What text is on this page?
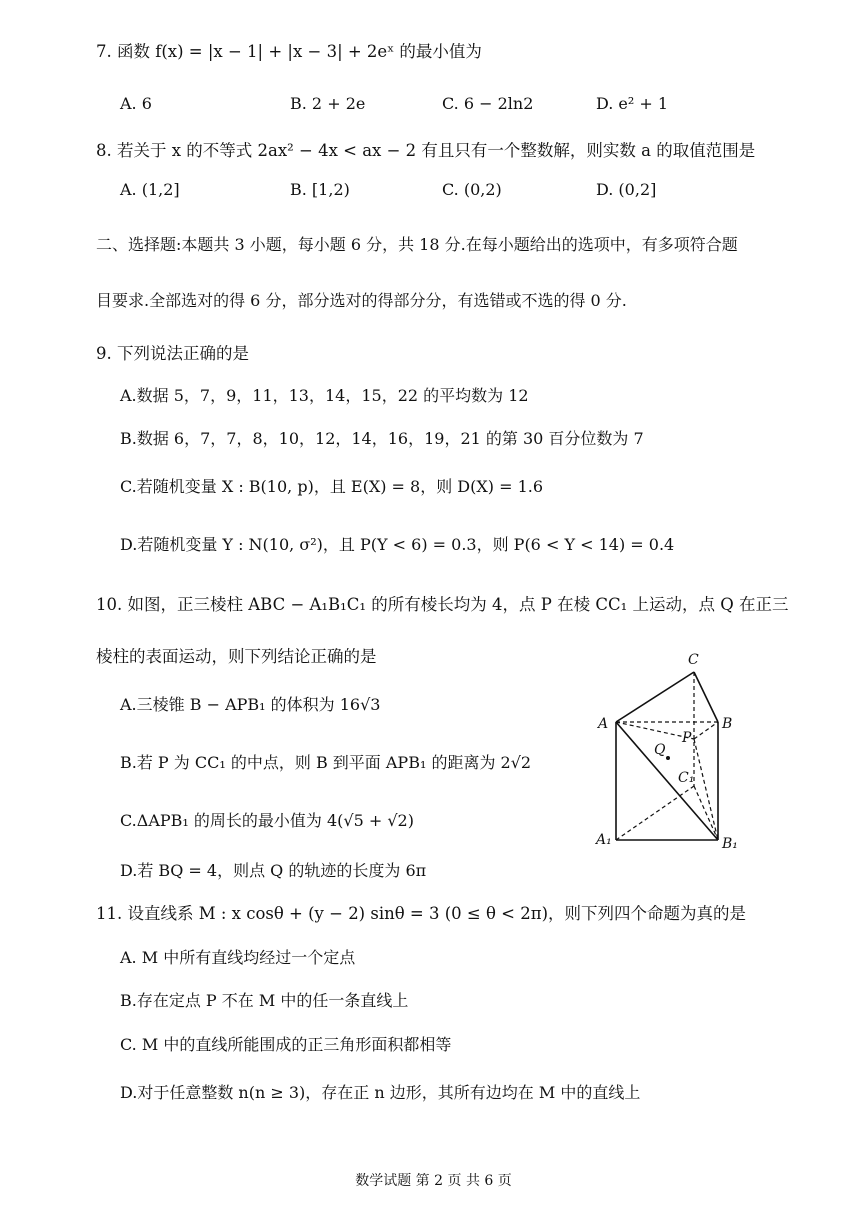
7. 函数 f(x) = |x − 1| + |x − 3| + 2eˣ 的最小值为
A. 6	B. 2 + 2e	C. 6 − 2ln2	D. e² + 1
8. 若关于 x 的不等式 2ax² − 4x < ax − 2 有且只有一个整数解，则实数 a 的取值范围是
A. (1,2]	B. [1,2)	C. (0,2)	D. (0,2]
二、选择题:本题共 3 小题，每小题 6 分，共 18 分.在每小题给出的选项中，有多项符合题
目要求.全部选对的得 6 分，部分选对的得部分分，有选错或不选的得 0 分.
9. 下列说法正确的是
A.数据 5，7，9，11，13，14，15，22 的平均数为 12
B.数据 6，7，7，8，10，12，14，16，19，21 的第 30 百分位数为 7
C.若随机变量 X : B(10, p)，且 E(X) = 8，则 D(X) = 1.6
D.若随机变量 Y : N(10, σ²)，且 P(Y < 6) = 0.3，则 P(6 < Y < 14) = 0.4
10. 如图，正三棱柱 ABC − A₁B₁C₁ 的所有棱长均为 4，点 P 在棱 CC₁ 上运动，点 Q 在正三
棱柱的表面运动，则下列结论正确的是
A.三棱锥 B − APB₁ 的体积为 16√3
B.若 P 为 CC₁ 的中点，则 B 到平面 APB₁ 的距离为 2√2
C.ΔAPB₁ 的周长的最小值为 4(√5 + √2)
D.若 BQ = 4，则点 Q 的轨迹的长度为 6π
C
A	B
P
Q
C₁
A₁	B₁
11. 设直线系 M : x cosθ + (y − 2) sinθ = 3 (0 ≤ θ < 2π)，则下列四个命题为真的是
A. M 中所有直线均经过一个定点
B.存在定点 P 不在 M 中的任一条直线上
C. M 中的直线所能围成的正三角形面积都相等
D.对于任意整数 n(n ≥ 3)，存在正 n 边形，其所有边均在 M 中的直线上
数学试题 第 2 页 共 6 页
